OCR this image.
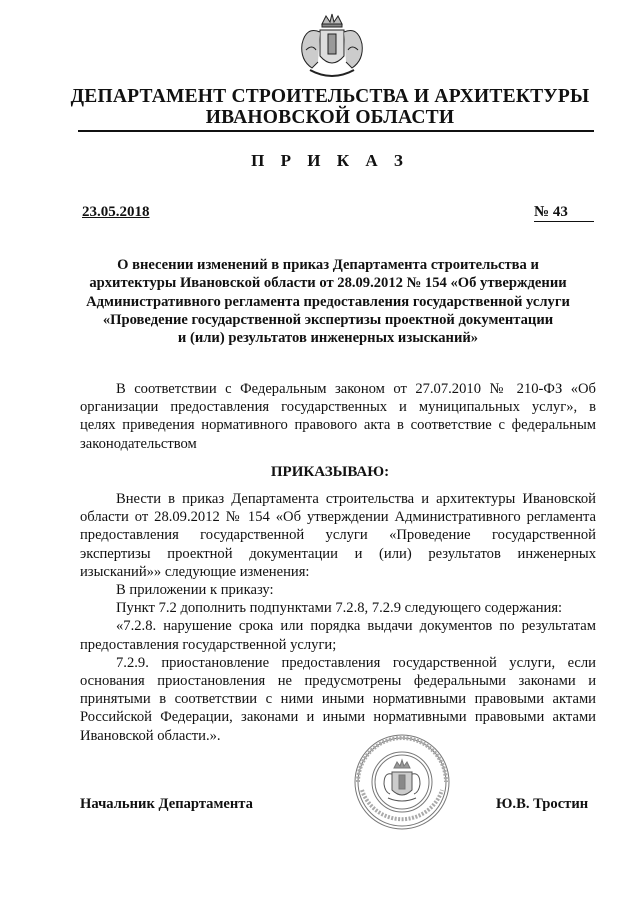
ДЕПАРТАМЕНТ СТРОИТЕЛЬСТВА И АРХИТЕКТУРЫ
ИВАНОВСКОЙ ОБЛАСТИ
П Р И К А З
23.05.2018	№ 43
О внесении изменений в приказ Департамента строительства и
архитектуры Ивановской области от 28.09.2012 № 154 «Об утверждении
Административного регламента предоставления государственной услуги
«Проведение государственной экспертизы проектной документации
и (или) результатов инженерных изысканий»
В соответствии с Федеральным законом от 27.07.2010 № 210-ФЗ «Об
организации предоставления государственных и муниципальных услуг», в
целях приведения нормативного правового акта в соответствие с федеральным
законодательством
ПРИКАЗЫВАЮ:
Внести в приказ Департамента строительства и архитектуры Ивановской
области от 28.09.2012 № 154 «Об утверждении Административного регламента
предоставления государственной услуги «Проведение государственной
экспертизы проектной документации и (или) результатов инженерных
изысканий»» следующие изменения:
В приложении к приказу:
Пункт 7.2 дополнить подпунктами 7.2.8, 7.2.9 следующего содержания:
«7.2.8. нарушение срока или порядка выдачи документов по результатам
предоставления государственной услуги;
7.2.9. приостановление предоставления государственной услуги, если
основания приостановления не предусмотрены федеральными законами и
принятыми в соответствии с ними иными нормативными правовыми актами
Российской Федерации, законами и иными нормативными правовыми актами
Ивановской области.».
Начальник Департамента	Ю.В. Тростин
